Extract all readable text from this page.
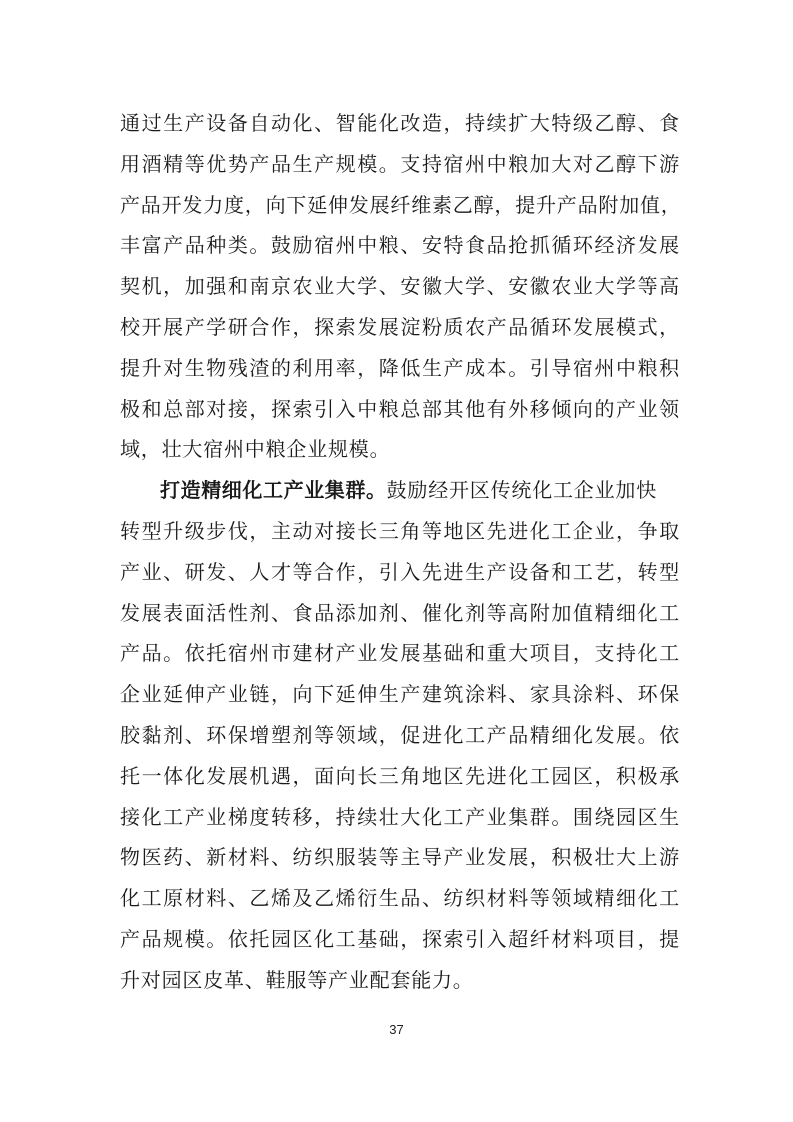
通过生产设备自动化、智能化改造，持续扩大特级乙醇、食
用酒精等优势产品生产规模。支持宿州中粮加大对乙醇下游
产品开发力度，向下延伸发展纤维素乙醇，提升产品附加值，
丰富产品种类。鼓励宿州中粮、安特食品抢抓循环经济发展
契机，加强和南京农业大学、安徽大学、安徽农业大学等高
校开展产学研合作，探索发展淀粉质农产品循环发展模式，
提升对生物残渣的利用率，降低生产成本。引导宿州中粮积
极和总部对接，探索引入中粮总部其他有外移倾向的产业领
域，壮大宿州中粮企业规模。
打造精细化工产业集群。鼓励经开区传统化工企业加快
转型升级步伐，主动对接长三角等地区先进化工企业，争取
产业、研发、人才等合作，引入先进生产设备和工艺，转型
发展表面活性剂、食品添加剂、催化剂等高附加值精细化工
产品。依托宿州市建材产业发展基础和重大项目，支持化工
企业延伸产业链，向下延伸生产建筑涂料、家具涂料、环保
胶黏剂、环保增塑剂等领域，促进化工产品精细化发展。依
托一体化发展机遇，面向长三角地区先进化工园区，积极承
接化工产业梯度转移，持续壮大化工产业集群。围绕园区生
物医药、新材料、纺织服装等主导产业发展，积极壮大上游
化工原材料、乙烯及乙烯衍生品、纺织材料等领域精细化工
产品规模。依托园区化工基础，探索引入超纤材料项目，提
升对园区皮革、鞋服等产业配套能力。
37
